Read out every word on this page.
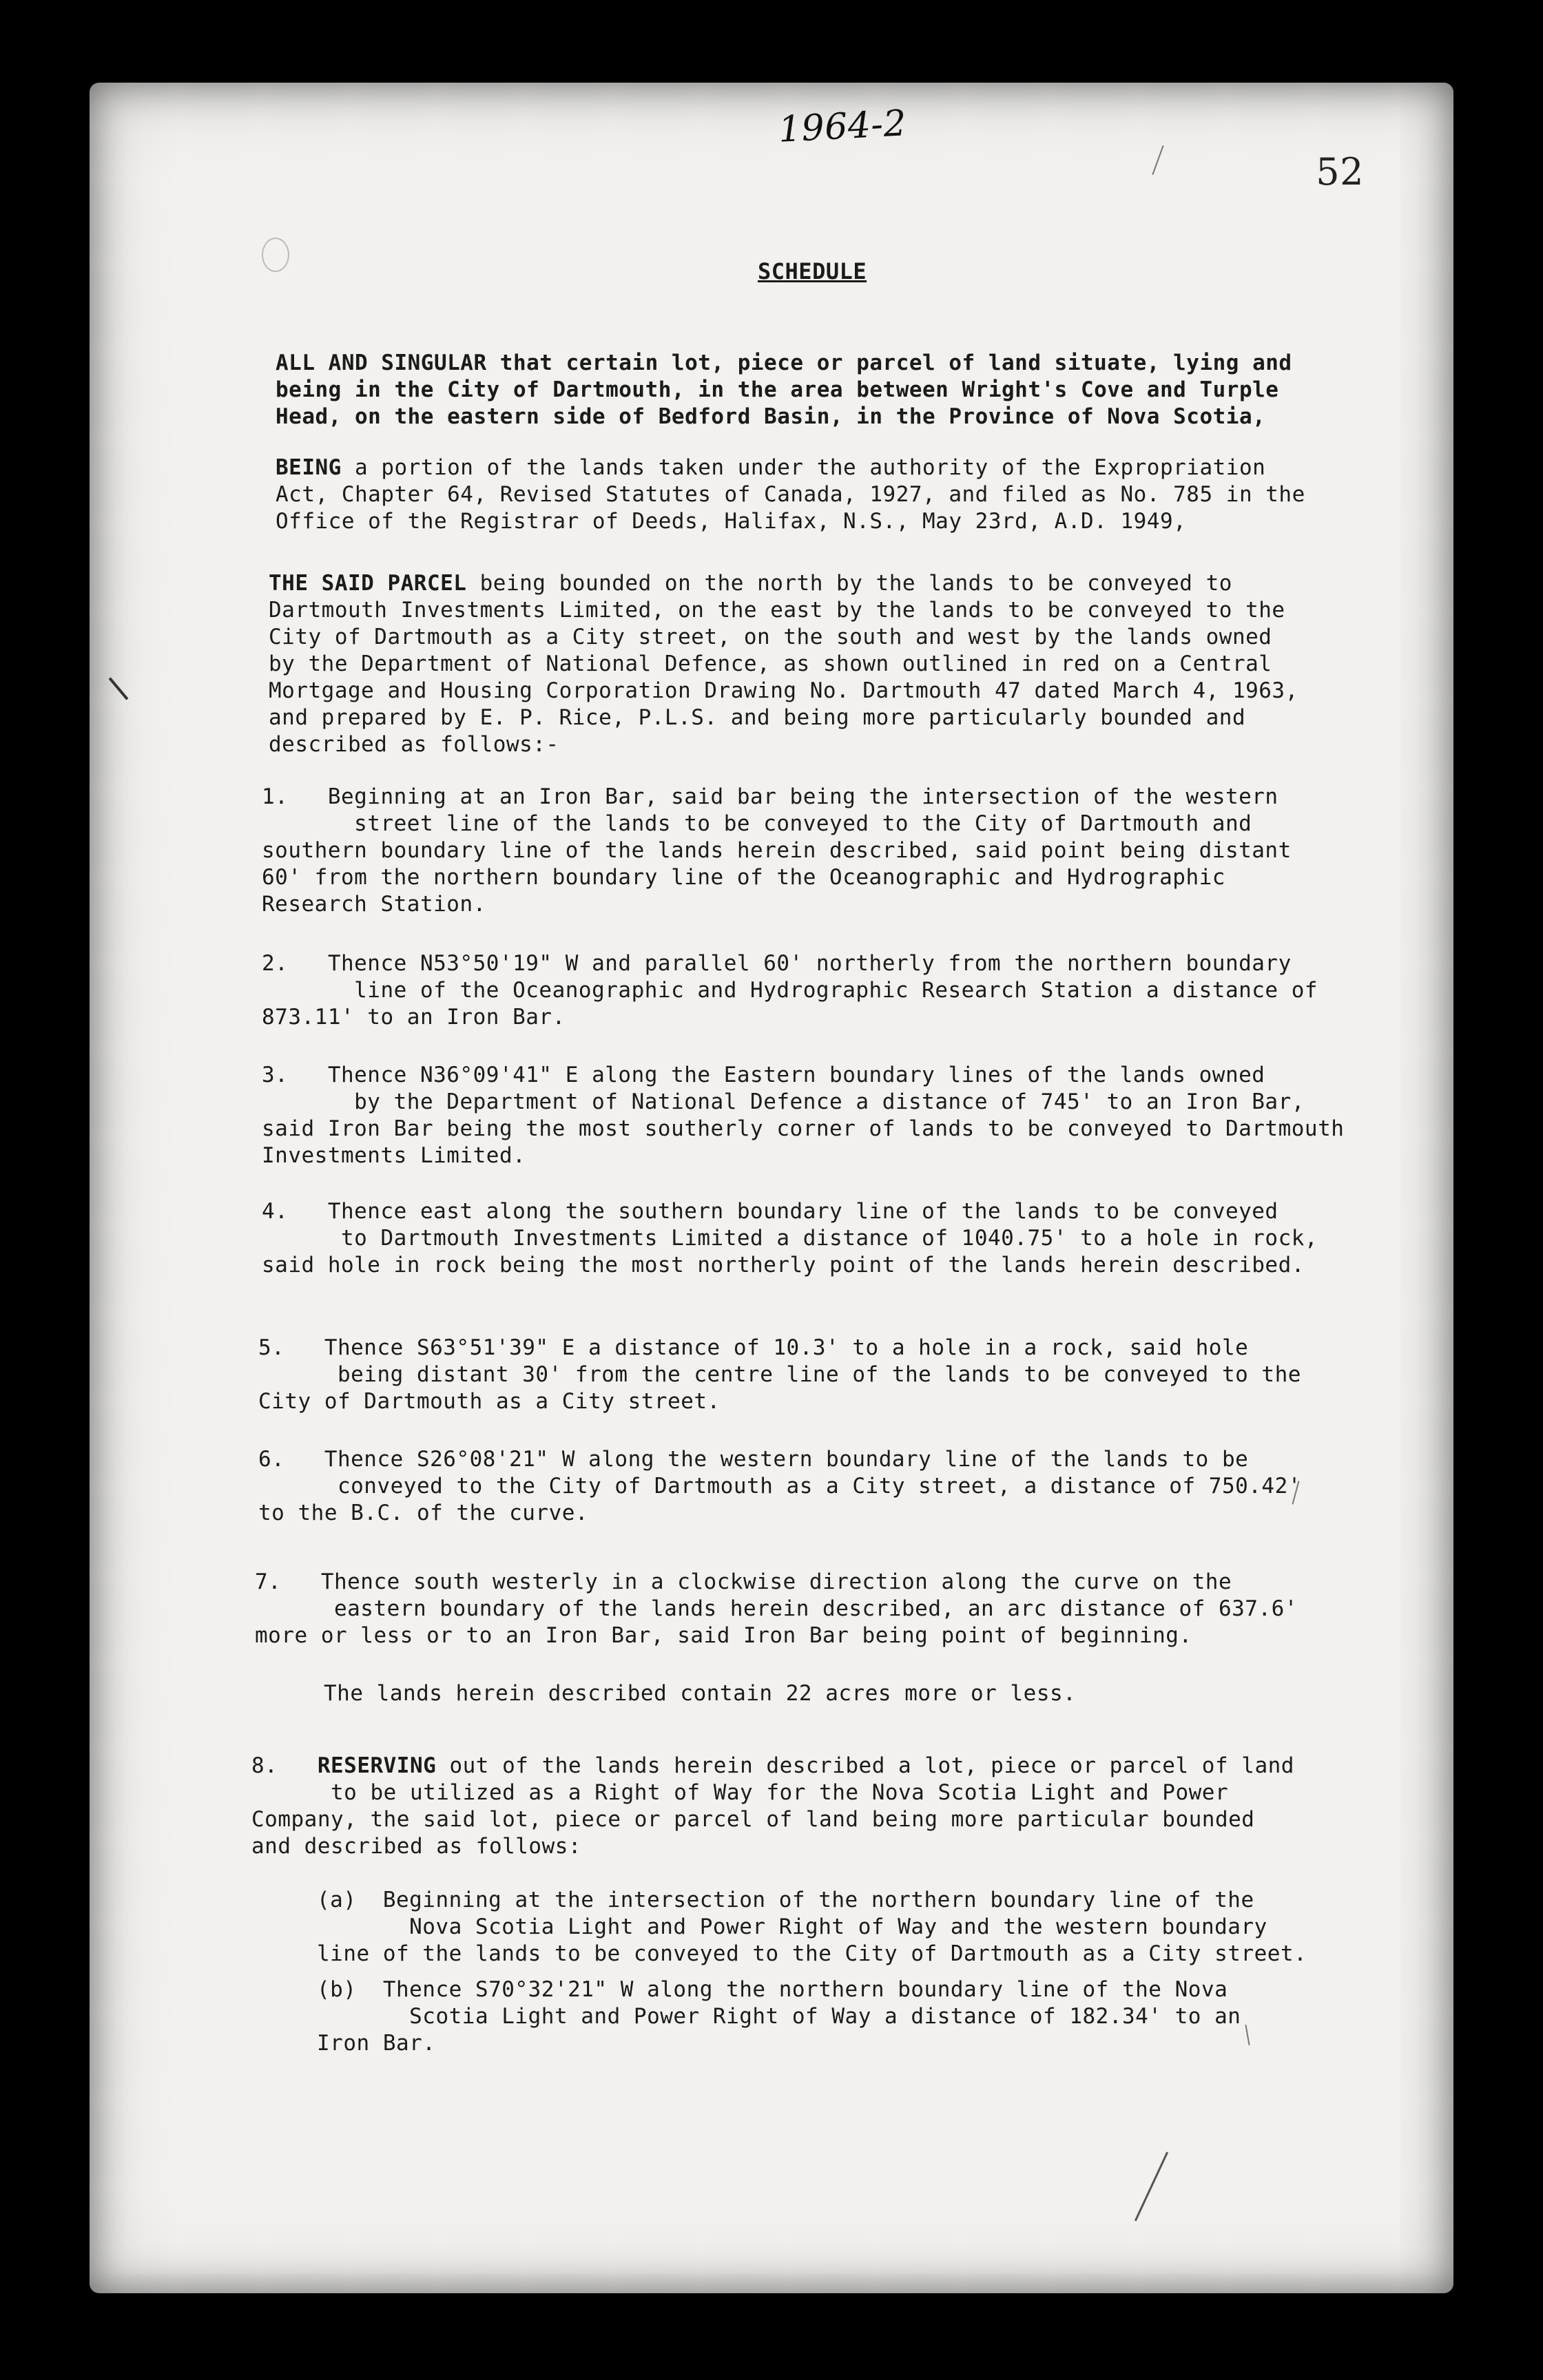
1964-2
52
SCHEDULE
ALL AND SINGULAR that certain lot, piece or parcel of land situate, lying and
being in the City of Dartmouth, in the area between Wright's Cove and Turple
Head, on the eastern side of Bedford Basin, in the Province of Nova Scotia,
BEING a portion of the lands taken under the authority of the Expropriation
Act, Chapter 64, Revised Statutes of Canada, 1927, and filed as No. 785 in the
Office of the Registrar of Deeds, Halifax, N.S., May 23rd, A.D. 1949,
THE SAID PARCEL being bounded on the north by the lands to be conveyed to
Dartmouth Investments Limited, on the east by the lands to be conveyed to the
City of Dartmouth as a City street, on the south and west by the lands owned
by the Department of National Defence, as shown outlined in red on a Central
Mortgage and Housing Corporation Drawing No. Dartmouth 47 dated March 4, 1963,
and prepared by E. P. Rice, P.L.S. and being more particularly bounded and
described as follows:-
1.   Beginning at an Iron Bar, said bar being the intersection of the western
street line of the lands to be conveyed to the City of Dartmouth and
southern boundary line of the lands herein described, said point being distant
60' from the northern boundary line of the Oceanographic and Hydrographic
Research Station.
2.   Thence N53°50'19" W and parallel 60' northerly from the northern boundary
line of the Oceanographic and Hydrographic Research Station a distance of
873.11' to an Iron Bar.
3.   Thence N36°09'41" E along the Eastern boundary lines of the lands owned
by the Department of National Defence a distance of 745' to an Iron Bar,
said Iron Bar being the most southerly corner of lands to be conveyed to Dartmouth
Investments Limited.
4.   Thence east along the southern boundary line of the lands to be conveyed
to Dartmouth Investments Limited a distance of 1040.75' to a hole in rock,
said hole in rock being the most northerly point of the lands herein described.
5.   Thence S63°51'39" E a distance of 10.3' to a hole in a rock, said hole
being distant 30' from the centre line of the lands to be conveyed to the
City of Dartmouth as a City street.
6.   Thence S26°08'21" W along the western boundary line of the lands to be
conveyed to the City of Dartmouth as a City street, a distance of 750.42'
to the B.C. of the curve.
7.   Thence south westerly in a clockwise direction along the curve on the
eastern boundary of the lands herein described, an arc distance of 637.6'
more or less or to an Iron Bar, said Iron Bar being point of beginning.
The lands herein described contain 22 acres more or less.
8.   RESERVING out of the lands herein described a lot, piece or parcel of land
to be utilized as a Right of Way for the Nova Scotia Light and Power
Company, the said lot, piece or parcel of land being more particular bounded
and described as follows:
(a)  Beginning at the intersection of the northern boundary line of the
Nova Scotia Light and Power Right of Way and the western boundary
line of the lands to be conveyed to the City of Dartmouth as a City street.
(b)  Thence S70°32'21" W along the northern boundary line of the Nova
Scotia Light and Power Right of Way a distance of 182.34' to an
Iron Bar.
